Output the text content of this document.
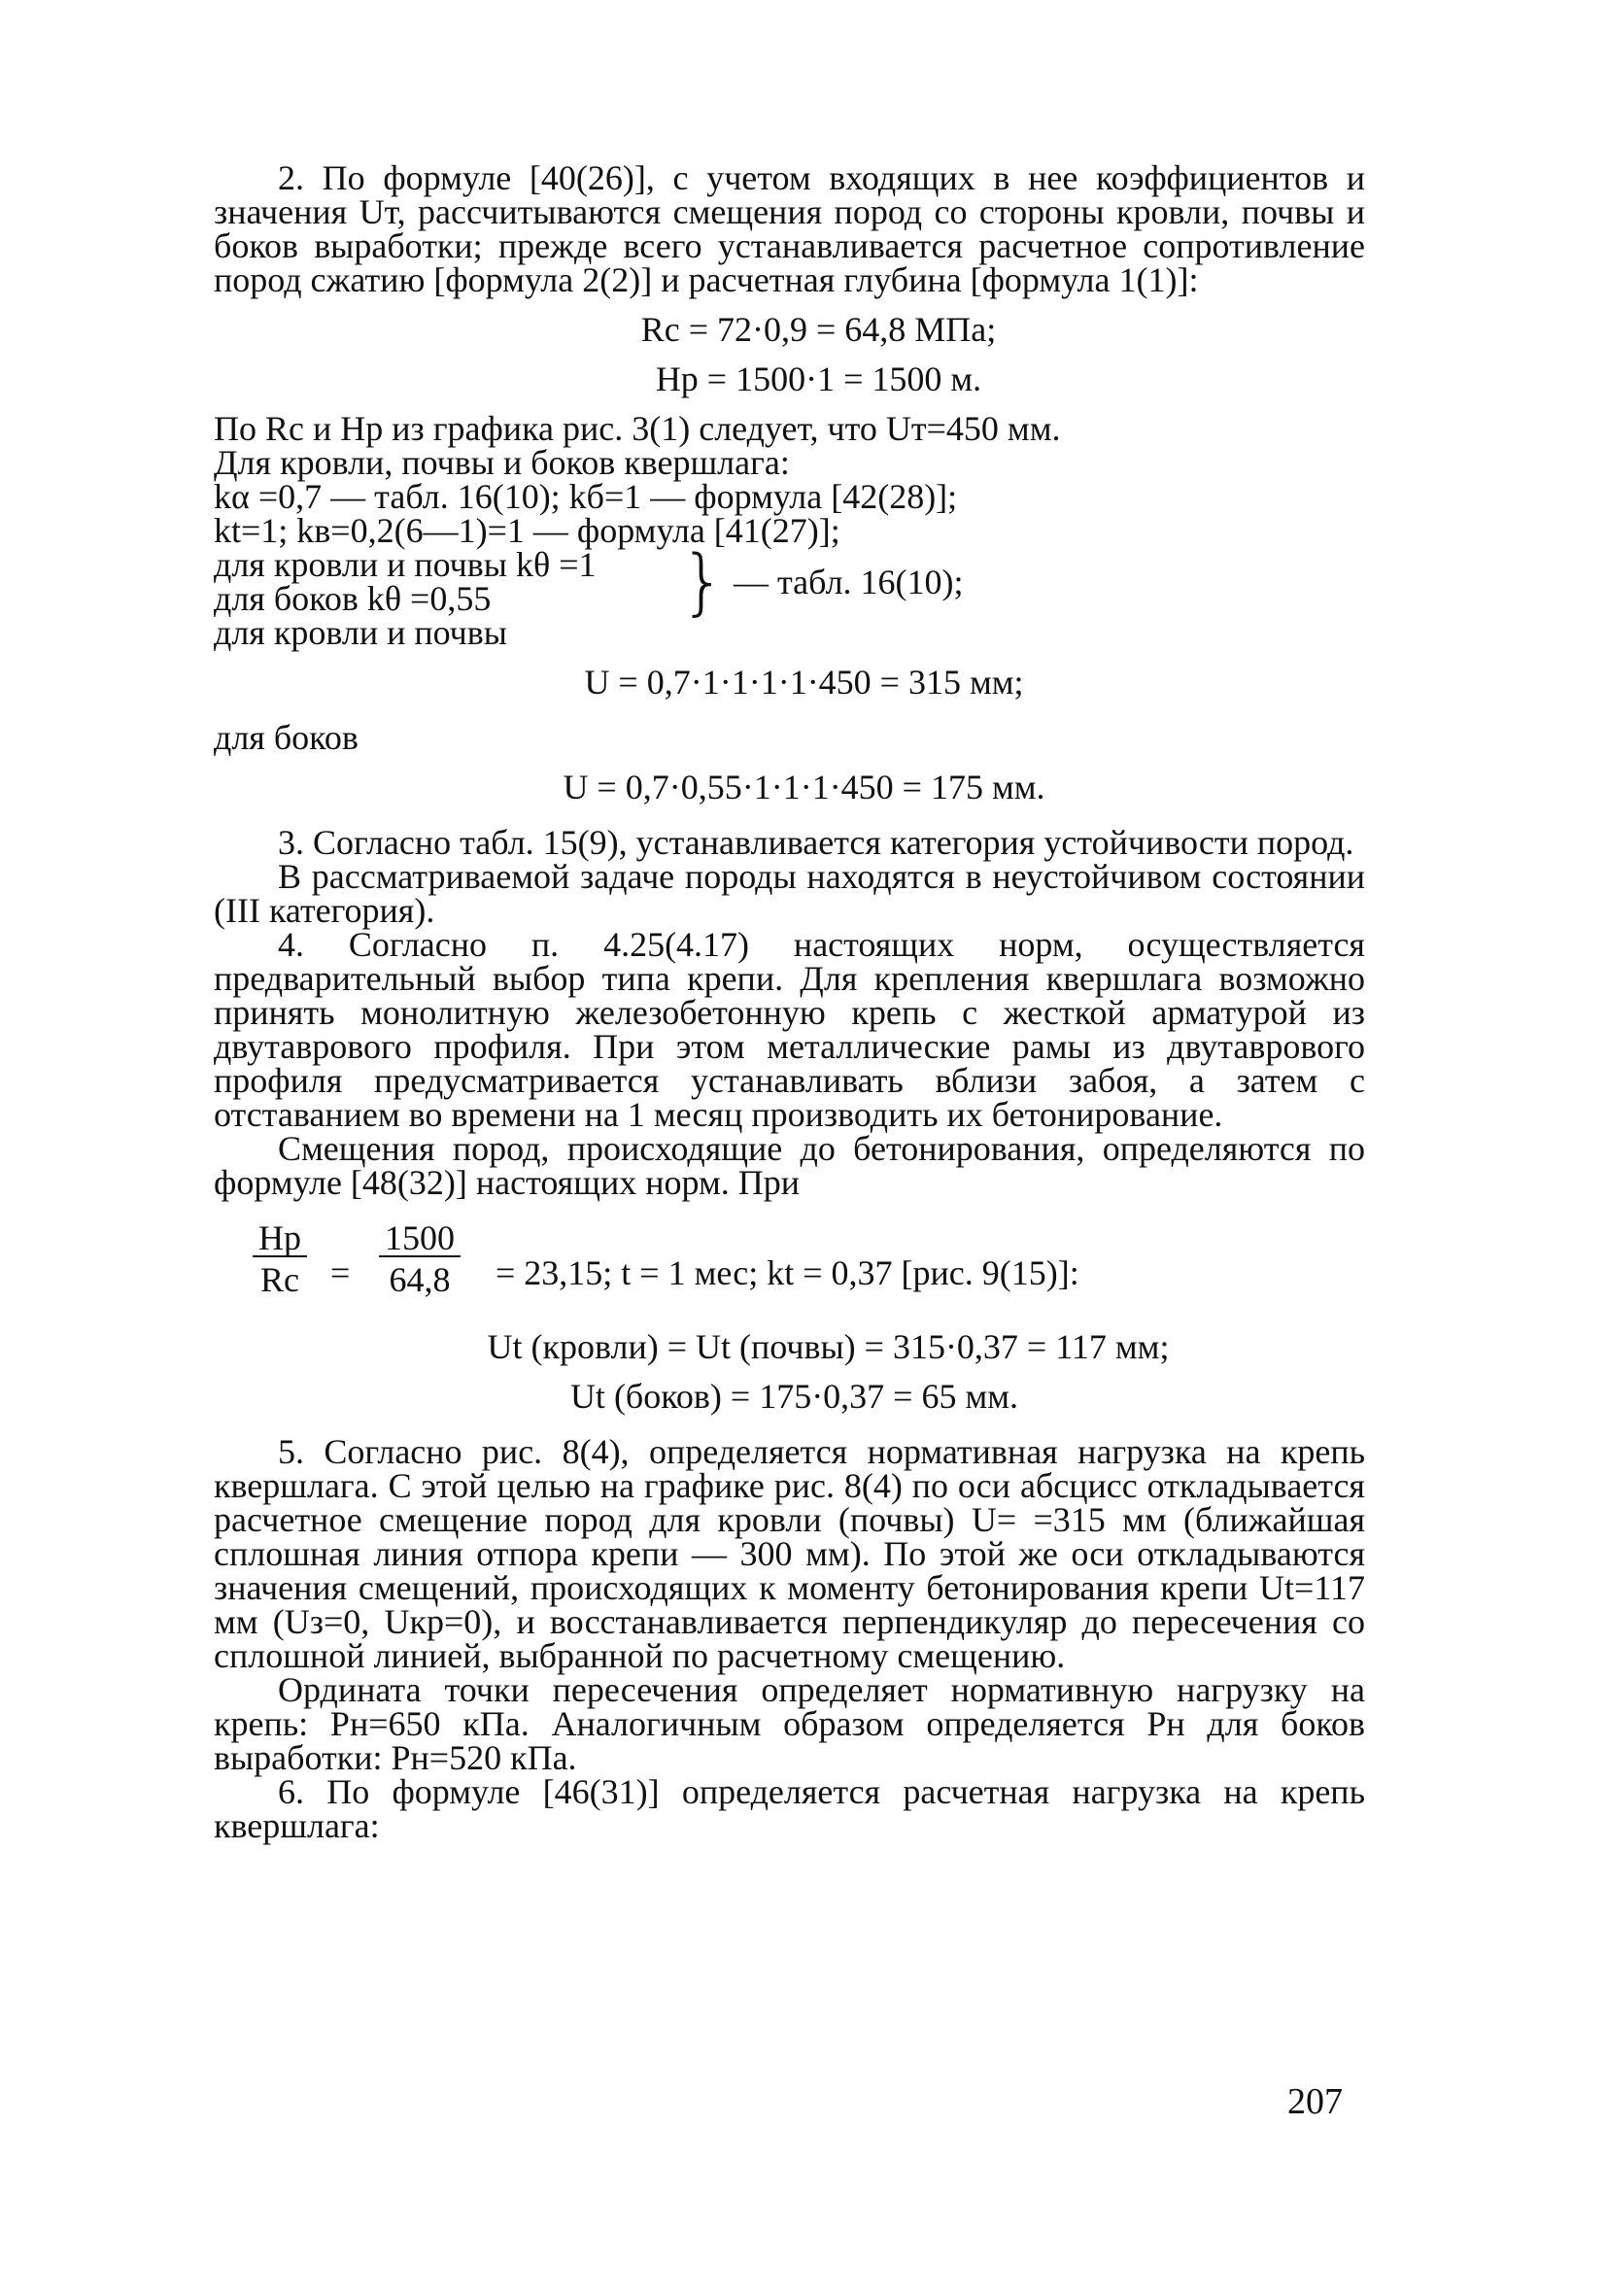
2. По формуле [40(26)], с учетом входящих в нее коэффициентов и значения Uт, рассчитываются смещения пород со стороны кровли, почвы и боков выработки; прежде всего устанавливается расчетное сопротивление пород сжатию [формула 2(2)] и расчетная глубина [формула 1(1)]:

Rс = 72·0,9 = 64,8 МПа;

Hр = 1500·1 = 1500 м.

По Rс и Hр из графика рис. 3(1) следует, что Uт=450 мм.

Для кровли, почвы и боков квершлага:

kα =0,7 — табл. 16(10); kб=1 — формула [42(28)];

kt=1; kв=0,2(6—1)=1 — формула [41(27)];

для кровли и почвы kθ =1
для боков kθ =0,55	} — табл. 16(10);

для кровли и почвы

U = 0,7·1·1·1·1·450 = 315 мм;

для боков

U = 0,7·0,55·1·1·1·450 = 175 мм.

3. Согласно табл. 15(9), устанавливается категория устойчивости пород.

В рассматриваемой задаче породы находятся в неустойчивом состоянии (III категория).

4. Согласно п. 4.25(4.17) настоящих норм, осуществляется предварительный выбор типа крепи. Для крепления квершлага возможно принять монолитную железобетонную крепь с жесткой арматурой из двутаврового профиля. При этом металлические рамы из двутаврового профиля предусматривается устанавливать вблизи забоя, а затем с отставанием во времени на 1 месяц производить их бетонирование.

Смещения пород, происходящие до бетонирования, определяются по формуле [48(32)] настоящих норм. При

Hр
Rс = $\frac{1500}{64,8} = 23,15$; t = 1 мес; kt = 0,37 [рис. 9(15)]:

Ut (кровли) = Ut (почвы) = 315·0,37 = 117 мм;

Ut (боков) = 175·0,37 = 65 мм.

5. Согласно рис. 8(4), определяется нормативная нагрузка на крепь квершлага. С этой целью на графике рис. 8(4) по оси абсцисс откладывается расчетное смещение пород для кровли (почвы) U= =315 мм (ближайшая сплошная линия отпора крепи — 300 мм). По этой же оси откладываются значения смещений, происходящих к моменту бетонирования крепи Ut=117 мм (Uз=0, Uкр=0), и восстанавливается перпендикуляр до пересечения со сплошной линией, выбранной по расчетному смещению.

Ордината точки пересечения определяет нормативную нагрузку на крепь: Pн=650 кПа. Аналогичным образом определяется Pн для боков выработки: Pн=520 кПа.

6. По формуле [46(31)] определяется расчетная нагрузка на крепь квершлага:

207
